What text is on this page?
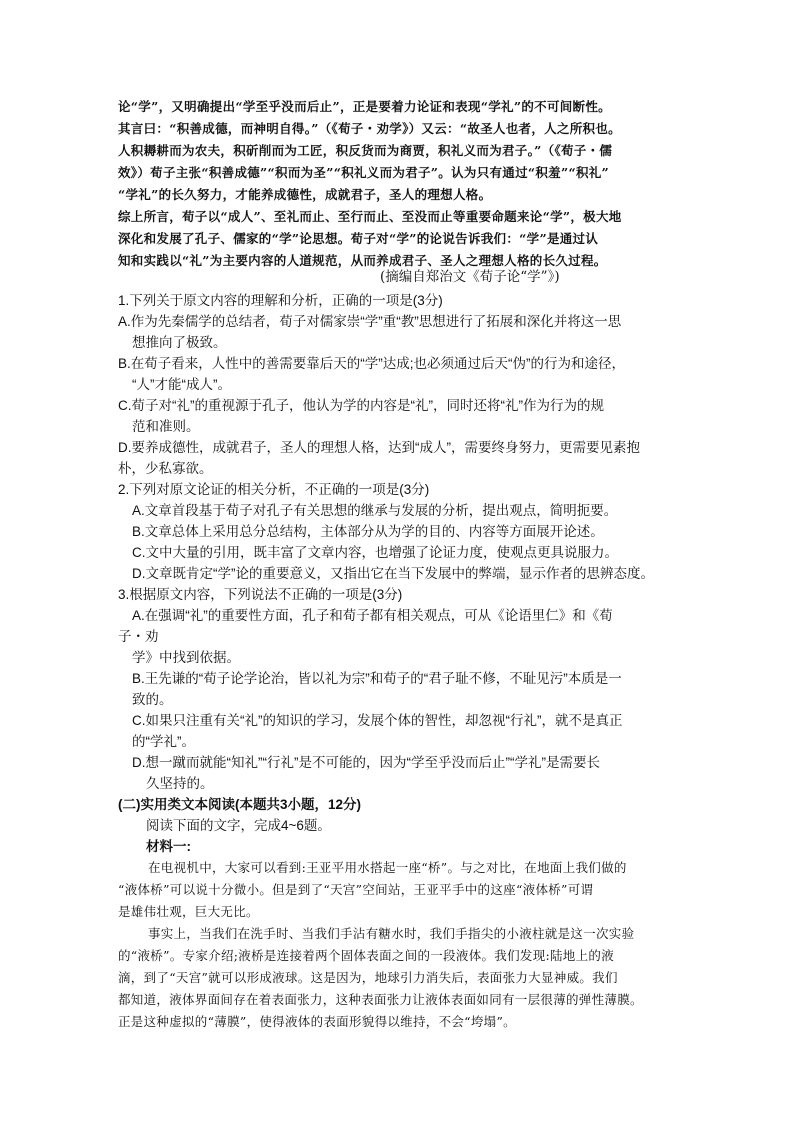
论“学”，又明确提出“学至乎没而后止”，正是要着力论证和表现“学礼”的不可间断性。
其言曰：“积善成德，而神明自得。”（《荀子・劝学》）又云：“故圣人也者，人之所积也。
人积耨耕而为农夫，积斫削而为工匠，积反货而为商贾，积礼义而为君子。”（《荀子・儒
效》）荀子主张“积善成德”“积而为圣”“积礼义而为君子”。认为只有通过“积羞”“积礼”
“学礼”的长久努力，才能养成德性，成就君子，圣人的理想人格。
综上所言，荀子以“成人”、至礼而止、至行而止、至没而止等重要命题来论“学”，极大地
深化和发展了孔子、儒家的“学”论思想。荀子对“学”的论说告诉我们：“学”是通过认
知和实践以“礼”为主要内容的人道规范，从而养成君子、圣人之理想人格的长久过程。
(摘编自郑治文《荀子论“学”》)
1.下列关于原文内容的理解和分析，正确的一项是(3分)
A.作为先秦儒学的总结者，荀子对儒家崇“学”重“教”思想进行了拓展和深化并将这一思
想推向了极致。
B.在荀子看来，人性中的善需要靠后天的“学”达成;也必须通过后天“伪”的行为和途径，
“人”才能“成人”。
C.荀子对“礼”的重视源于孔子，他认为学的内容是“礼”，同时还将“礼”作为行为的规
范和准则。
D.要养成德性，成就君子，圣人的理想人格，达到“成人”，需要终身努力，更需要见素抱
朴，少私寡欲。
2.下列对原文论证的相关分析，不正确的一项是(3分)
A.文章首段基于荀子对孔子有关思想的继承与发展的分析，提出观点，简明扼要。
B.文章总体上采用总分总结构，主体部分从为学的目的、内容等方面展开论述。
C.文中大量的引用，既丰富了文章内容，也增强了论证力度，使观点更具说服力。
D.文章既肯定“学”论的重要意义，又指出它在当下发展中的弊端，显示作者的思辨态度。
3.根据原文内容，下列说法不正确的一项是(3分)
A.在强调“礼”的重要性方面，孔子和荀子都有相关观点，可从《论语里仁》和《荀
子・劝
学》中找到依据。
B.王先谦的“荀子论学论治，皆以礼为宗”和荀子的“君子耻不修，不耻见污”本质是一
致的。
C.如果只注重有关“礼”的知识的学习，发展个体的智性，却忽视“行礼”，就不是真正
的“学礼”。
D.想一蹴而就能“知礼”“行礼”是不可能的，因为“学至乎没而后止”“学礼”是需要长
久坚持的。
(二)实用类文本阅读(本题共3小题，12分)
阅读下面的文字，完成4~6题。
材料一:
在电视机中，大家可以看到:王亚平用水搭起一座“桥”。与之对比，在地面上我们做的
“液体桥”可以说十分微小。但是到了“天宫”空间站，王亚平手中的这座“液体桥”可谓
是雄伟壮观，巨大无比。
事实上，当我们在洗手时、当我们手沾有糖水时，我们手指尖的小液柱就是这一次实验
的“液桥”。专家介绍;液桥是连接着两个固体表面之间的一段液体。我们发现:陆地上的液
滴，到了“天宫”就可以形成液球。这是因为，地球引力消失后，表面张力大显神威。我们
都知道，液体界面间存在着表面张力，这种表面张力让液体表面如同有一层很薄的弹性薄膜。
正是这种虚拟的“薄膜”，使得液体的表面形貌得以维持，不会“垮塌”。
